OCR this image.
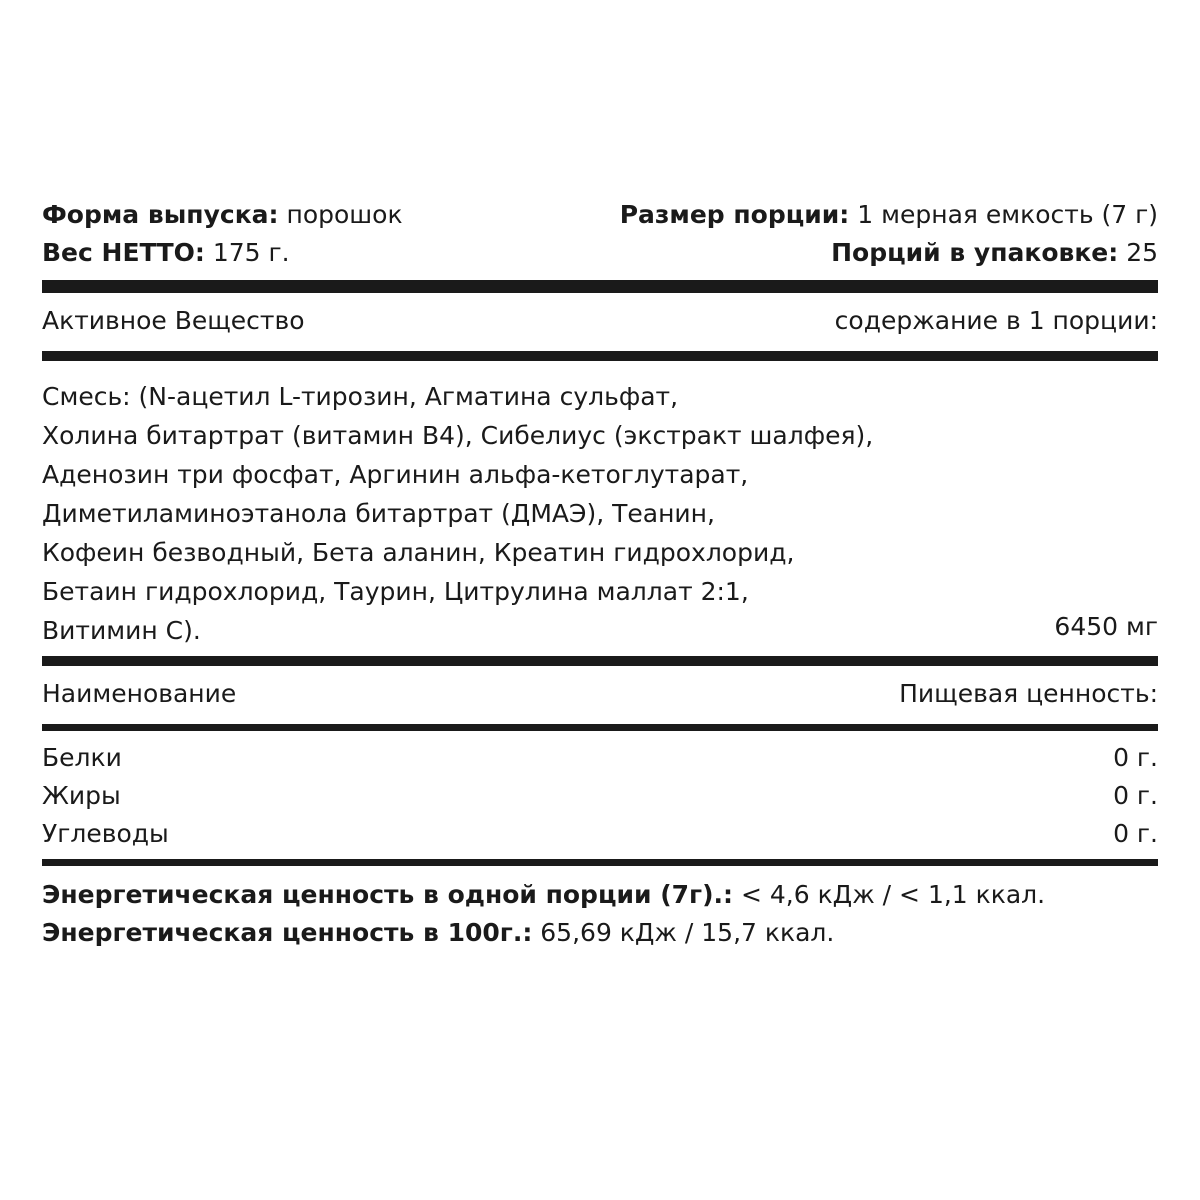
Форма выпуска: порошок	Размер порции: 1 мерная емкость (7 г)
Вес НЕТТО: 175 г.	Порций в упаковке: 25
Активное Вещество	содержание в 1 порции:
Смесь: (N-ацетил L-тирозин, Агматина сульфат,
Холина битартрат (витамин B4), Сибелиус (экстракт шалфея),
Аденозин три фосфат, Аргинин альфа-кетоглутарат,
Диметиламиноэтанола битартрат (ДМАЭ), Теанин,
Кофеин безводный, Бета аланин, Креатин гидрохлорид,
Бетаин гидрохлорид, Таурин, Цитрулина маллат 2:1,
Витимин С).	6450 мг
Наименование	Пищевая ценность:
Белки	0 г.
Жиры	0 г.
Углеводы	0 г.
Энергетическая ценность в одной порции (7г).: < 4,6 кДж / < 1,1 ккал.
Энергетическая ценность в 100г.: 65,69 кДж / 15,7 ккал.
